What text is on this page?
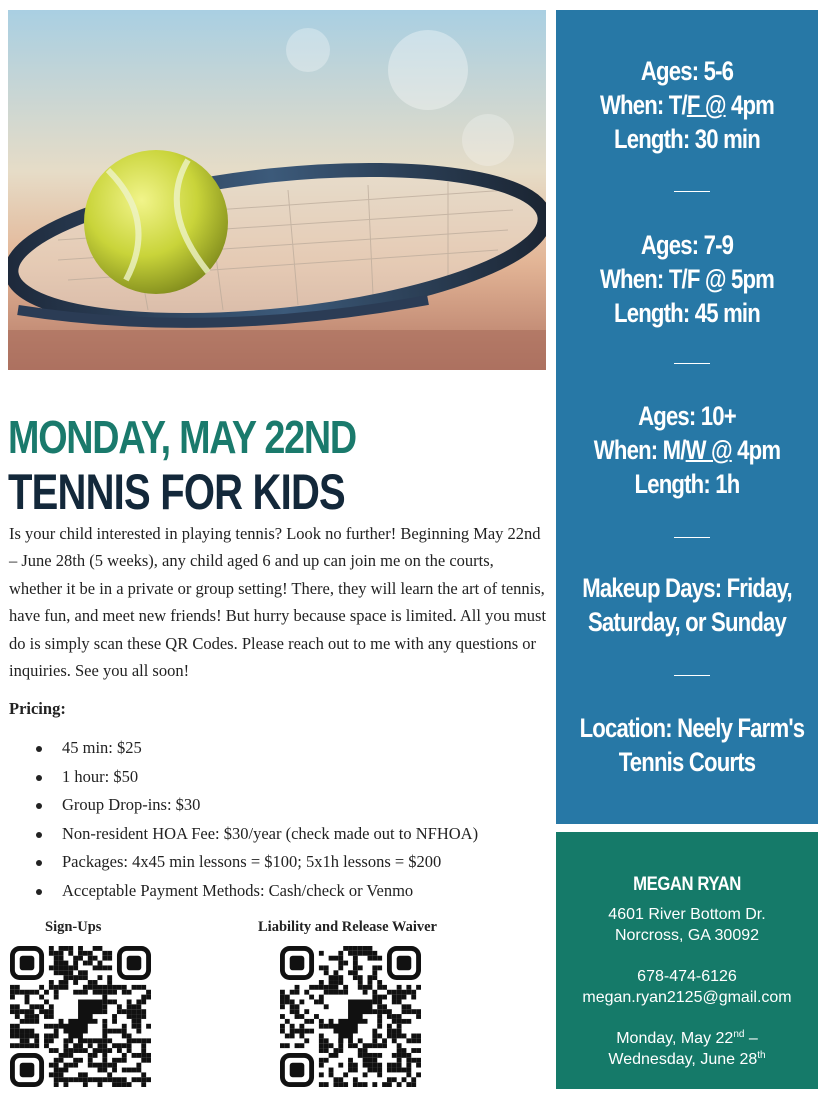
MONDAY, MAY 22ND
TENNIS FOR KIDS

Is your child interested in playing tennis? Look no further! Beginning May 22nd – June 28th (5 weeks), any child aged 6 and up can join me on the courts, whether it be in a private or group setting! There, they will learn the art of tennis, have fun, and meet new friends! But hurry because space is limited. All you must do is simply scan these QR Codes. Please reach out to me with any questions or inquiries. See you all soon!

Pricing:
45 min: $25
1 hour: $50
Group Drop-ins: $30
Non-resident HOA Fee: $30/year (check made out to NFHOA)
Packages: 4x45 min lessons = $100; 5x1h lessons = $200
Acceptable Payment Methods: Cash/check or Venmo
Sign-Ups	Liability and Release Waiver
Ages: 5-6
When: T/F @ 4pm
Length: 30 min
Ages: 7-9
When: T/F @ 5pm
Length: 45 min
Ages: 10+
When: M/W @ 4pm
Length: 1h
Makeup Days: Friday,
Saturday, or Sunday
Location: Neely Farm's
Tennis Courts
MEGAN RYAN
4601 River Bottom Dr.
Norcross, GA 30092
678-474-6126
megan.ryan2125@gmail.com
Monday, May 22nd –
Wednesday, June 28th
